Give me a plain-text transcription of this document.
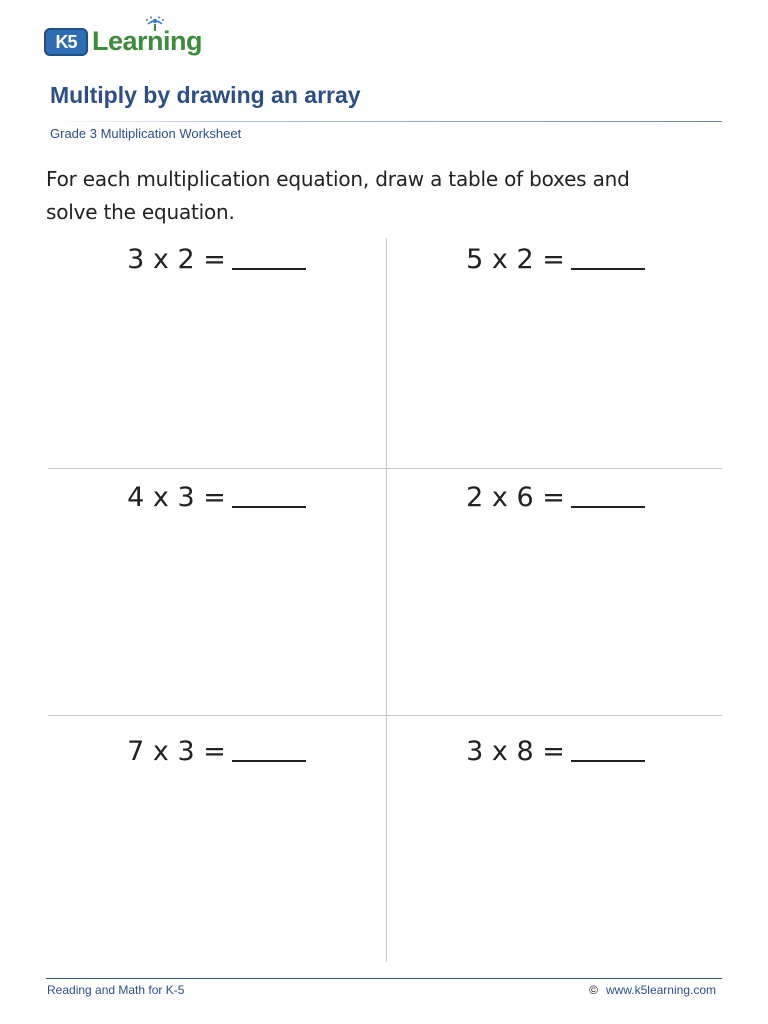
K5 Learning
Multiply by drawing an array
Grade 3 Multiplication Worksheet
For each multiplication equation, draw a table of boxes and solve the equation.
3 x 2 =	5 x 2 =
4 x 3 =	2 x 6 =
7 x 3 =	3 x 8 =
Reading and Math for K-5	© www.k5learning.com
